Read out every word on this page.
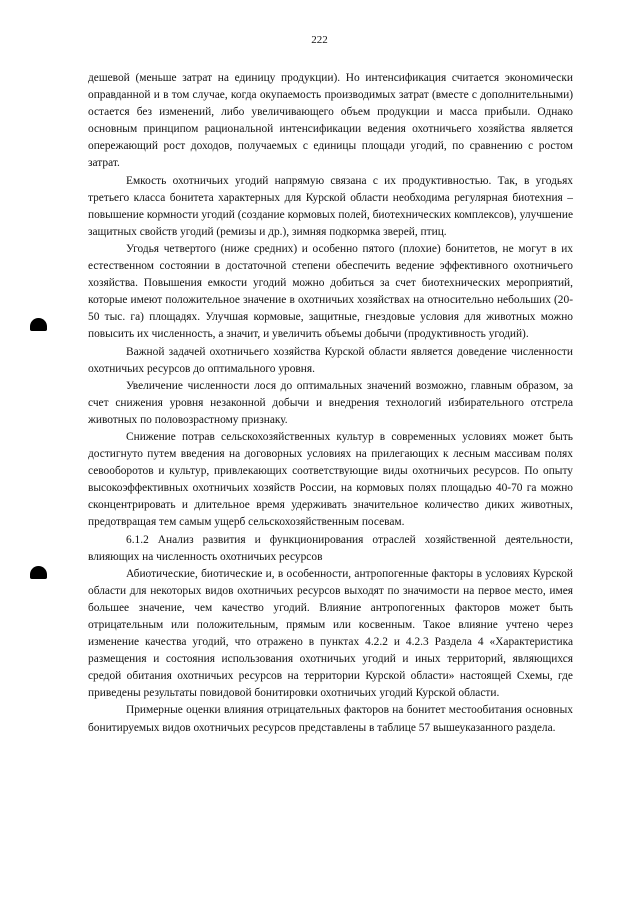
222

дешевой (меньше затрат на единицу продукции). Но интенсификация считается экономически оправданной и в том случае, когда окупаемость производимых затрат (вместе с дополнительными) остается без изменений, либо увеличивающего объем продукции и масса прибыли. Однако основным принципом рациональной интенсификации ведения охотничьего хозяйства является опережающий рост доходов, получаемых с единицы площади угодий, по сравнению с ростом затрат.

Емкость охотничьих угодий напрямую связана с их продуктивностью. Так, в угодьях третьего класса бонитета характерных для Курской области необходима регулярная биотехния – повышение кормности угодий (создание кормовых полей, биотехнических комплексов), улучшение защитных свойств угодий (ремизы и др.), зимняя подкормка зверей, птиц.

Угодья четвертого (ниже средних) и особенно пятого (плохие) бонитетов, не могут в их естественном состоянии в достаточной степени обеспечить ведение эффективного охотничьего хозяйства. Повышения емкости угодий можно добиться за счет биотехнических мероприятий, которые имеют положительное значение в охотничьих хозяйствах на относительно небольших (20-50 тыс. га) площадях. Улучшая кормовые, защитные, гнездовые условия для животных можно повысить их численность, а значит, и увеличить объемы добычи (продуктивность угодий).

Важной задачей охотничьего хозяйства Курской области является доведение численности охотничьих ресурсов до оптимального уровня.

Увеличение численности лося до оптимальных значений возможно, главным образом, за счет снижения уровня незаконной добычи и внедрения технологий избирательного отстрела животных по половозрастному признаку.

Снижение потрав сельскохозяйственных культур в современных условиях может быть достигнуто путем введения на договорных условиях на прилегающих к лесным массивам полях севооборотов и культур, привлекающих соответствующие виды охотничьих ресурсов. По опыту высокоэффективных охотничьих хозяйств России, на кормовых полях площадью 40-70 га можно сконцентрировать и длительное время удерживать значительное количество диких животных, предотвращая тем самым ущерб сельскохозяйственным посевам.

6.1.2 Анализ развития и функционирования отраслей хозяйственной деятельности, влияющих на численность охотничьих ресурсов

Абиотические, биотические и, в особенности, антропогенные факторы в условиях Курской области для некоторых видов охотничьих ресурсов выходят по значимости на первое место, имея большее значение, чем качество угодий. Влияние антропогенных факторов может быть отрицательным или положительным, прямым или косвенным. Такое влияние учтено через изменение качества угодий, что отражено в пунктах 4.2.2 и 4.2.3 Раздела 4 «Характеристика размещения и состояния использования охотничьих угодий и иных территорий, являющихся средой обитания охотничьих ресурсов на территории Курской области» настоящей Схемы, где приведены результаты повидовой бонитировки охотничьих угодий Курской области.

Примерные оценки влияния отрицательных факторов на бонитет местообитания основных бонитируемых видов охотничьих ресурсов представлены в таблице 57 вышеуказанного раздела.
